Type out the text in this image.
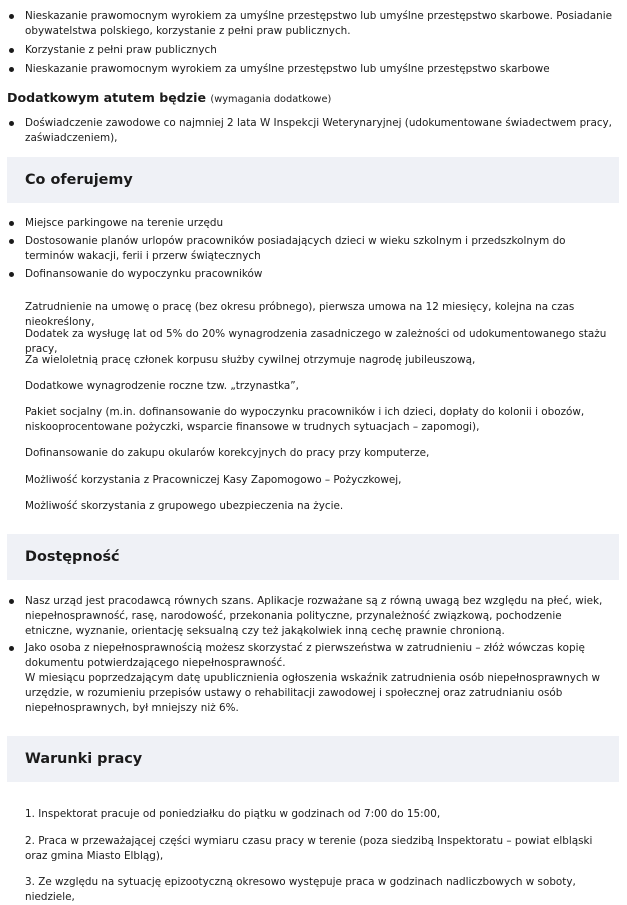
Nieskazanie prawomocnym wyrokiem za umyślne przestępstwo lub umyślne przestępstwo skarbowe. Posiadanie obywatelstwa polskiego, korzystanie z pełni praw publicznych.
Korzystanie z pełni praw publicznych
Nieskazanie prawomocnym wyrokiem za umyślne przestępstwo lub umyślne przestępstwo skarbowe
Dodatkowym atutem będzie (wymagania dodatkowe)
Doświadczenie zawodowe co najmniej 2 lata W Inspekcji Weterynaryjnej (udokumentowane świadectwem pracy, zaświadczeniem),
Co oferujemy
Miejsce parkingowe na terenie urzędu
Dostosowanie planów urlopów pracowników posiadających dzieci w wieku szkolnym i przedszkolnym do terminów wakacji, ferii i przerw świątecznych
Dofinansowanie do wypoczynku pracowników
Zatrudnienie na umowę o pracę (bez okresu próbnego), pierwsza umowa na 12 miesięcy, kolejna na czas nieokreślony,
Dodatek za wysługę lat od 5% do 20% wynagrodzenia zasadniczego w zależności od udokumentowanego stażu pracy,
Za wieloletnią pracę członek korpusu służby cywilnej otrzymuje nagrodę jubileuszową,
Dodatkowe wynagrodzenie roczne tzw. „trzynastka”,
Pakiet socjalny (m.in. dofinansowanie do wypoczynku pracowników i ich dzieci, dopłaty do kolonii i obozów, niskooprocentowane pożyczki, wsparcie finansowe w trudnych sytuacjach – zapomogi),
Dofinansowanie do zakupu okularów korekcyjnych do pracy przy komputerze,
Możliwość korzystania z Pracowniczej Kasy Zapomogowo – Pożyczkowej,
Możliwość skorzystania z grupowego ubezpieczenia na życie.
Dostępność
Nasz urząd jest pracodawcą równych szans. Aplikacje rozważane są z równą uwagą bez względu na płeć, wiek, niepełnosprawność, rasę, narodowość, przekonania polityczne, przynależność związkową, pochodzenie etniczne, wyznanie, orientację seksualną czy też jakąkolwiek inną cechę prawnie chronioną.
Jako osoba z niepełnosprawnością możesz skorzystać z pierwszeństwa w zatrudnieniu – złóż wówczas kopię dokumentu potwierdzającego niepełnosprawność.
W miesiącu poprzedzającym datę upublicznienia ogłoszenia wskaźnik zatrudnienia osób niepełnosprawnych w urzędzie, w rozumieniu przepisów ustawy o rehabilitacji zawodowej i społecznej oraz zatrudnianiu osób niepełnosprawnych, był mniejszy niż 6%.
Warunki pracy
1. Inspektorat pracuje od poniedziałku do piątku w godzinach od 7:00 do 15:00,
2. Praca w przeważającej części wymiaru czasu pracy w terenie (poza siedzibą Inspektoratu – powiat elbląski oraz gmina Miasto Elbląg),
3. Ze względu na sytuację epizootyczną okresowo występuje praca w godzinach nadliczbowych w soboty, niedziele,
